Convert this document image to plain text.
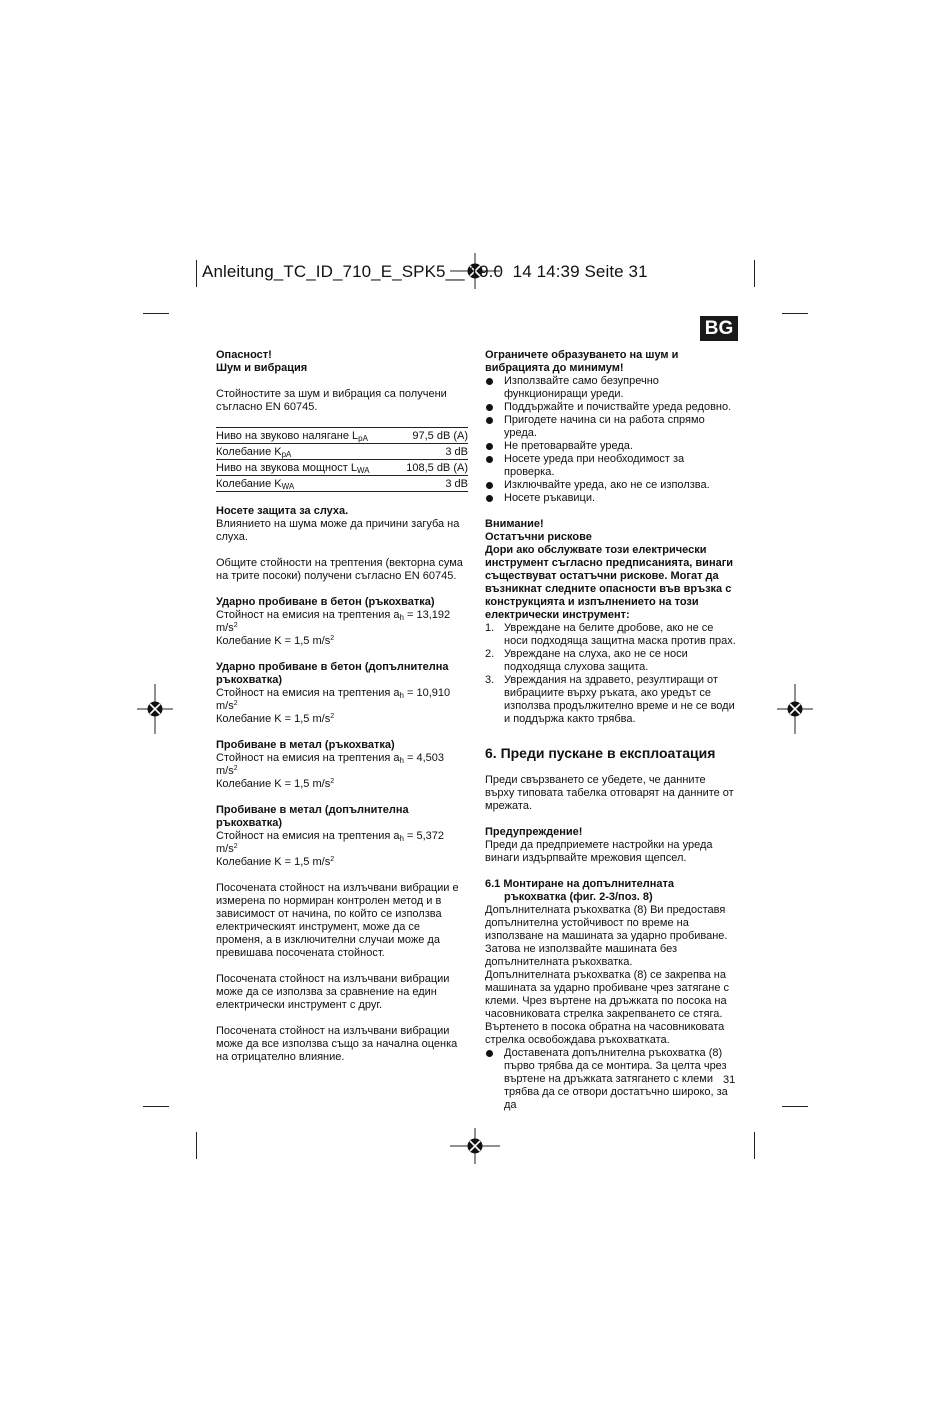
Anleitung_TC_ID_710_E_SPK5__ 19.0  14 14:39 Seite 31
BG

Опасност!

Шум и вибрация

Стойностите за шум и вибрация са получени съгласно EN 60745.

Ниво на звуково налягане $L_{pA}$	97,5 dB (A)
Колебание $K_{pA}$	3 dB
Ниво на звукова мощност $L_{WA}$	108,5 dB (A)
Колебание $K_{WA}$	3 dB

Носете защита за слуха.

Влиянието на шума може да причини загуба на слуха.

Общите стойности на трептения (векторна сума на трите посоки) получени съгласно EN 60745.

Ударно пробиване в бетон (ръкохватка)

Стойност на емисия на трептения $a_h = 13,192$ $m/s^2$

Колебание K = 1,5 $m/s^2$

Ударно пробиване в бетон (допълнителна ръкохватка)

Стойност на емисия на трептения $a_h = 10,910$ $m/s^2$

Колебание K = 1,5 $m/s^2$

Пробиване в метал (ръкохватка)

Стойност на емисия на трептения $a_h = 4,503$ $m/s^2$

Колебание K = 1,5 $m/s^2$

Пробиване в метал (допълнителна ръкохватка)

Стойност на емисия на трептения $a_h = 5,372$ $m/s^2$

Колебание K = 1,5 $m/s^2$

Посочената стойност на излъчвани вибрации е измерена по нормиран контролен метод и в зависимост от начина, по който се използва електрическият инструмент, може да се променя, а в изключителни случаи може да превишава посочената стойност.

Посочената стойност на излъчвани вибрации може да се използва за сравнение на един електрически инструмент с друг.

Посочената стойност на излъчвани вибрации може да все използва също за начална оценка на отрицателно влияние.

Ограничете образуването на шум и вибрацията до минимум!

Използвайте само безупречно функциониращи уреди.
Поддържайте и почиствайте уреда редовно.
Пригодете начина си на работа спрямо уреда.
Не претоварвайте уреда.
Носете уреда при необходимост за проверка.
Изключвайте уреда, ако не се използва.
Носете ръкавици.

Внимание!

Остатъчни рискове

Дори ако обслужвате този електрически инструмент съгласно предписанията, винаги съществуват остатъчни рискове. Могат да възникнат следните опасности във връзка с конструкцията и изпълнението на този електрически инструмент:

1. Увреждане на белите дробове, ако не се носи подходяща защитна маска против прах.
2. Увреждане на слуха, ако не се носи подходяща слухова защита.
3. Увреждания на здравето, резултиращи от вибрациите върху ръката, ако уредът се използва продължително време и не се води и поддържа както трябва.

6. Преди пускане в експлоатация

Преди свързването се убедете, че данните върху типовата табелка отговарят на данните от мрежата.

Предупреждение!

Преди да предприемете настройки на уреда винаги издърпвайте мрежовия щепсел.

6.1 Монтиране на допълнителната ръкохватка (фиг. 2-3/поз. 8)

Допълнителната ръкохватка (8) Ви предоставя допълнителна устойчивост по време на използване на машината за ударно пробиване. Затова не използвайте машината без допълнителната ръкохватка.

Допълнителната ръкохватка (8) се закрепва на машината за ударно пробиване чрез затягане с клеми. Чрез въртене на дръжката по посока на часовниковата стрелка закрепването се стяга. Въртенето в посока обратна на часовниковата стрелка освобождава ръкохватката.

Доставената допълнителна ръкохватка (8) първо трябва да се монтира. За целта чрез въртене на дръжката затягането с клеми трябва да се отвори достатъчно широко, за да
31
